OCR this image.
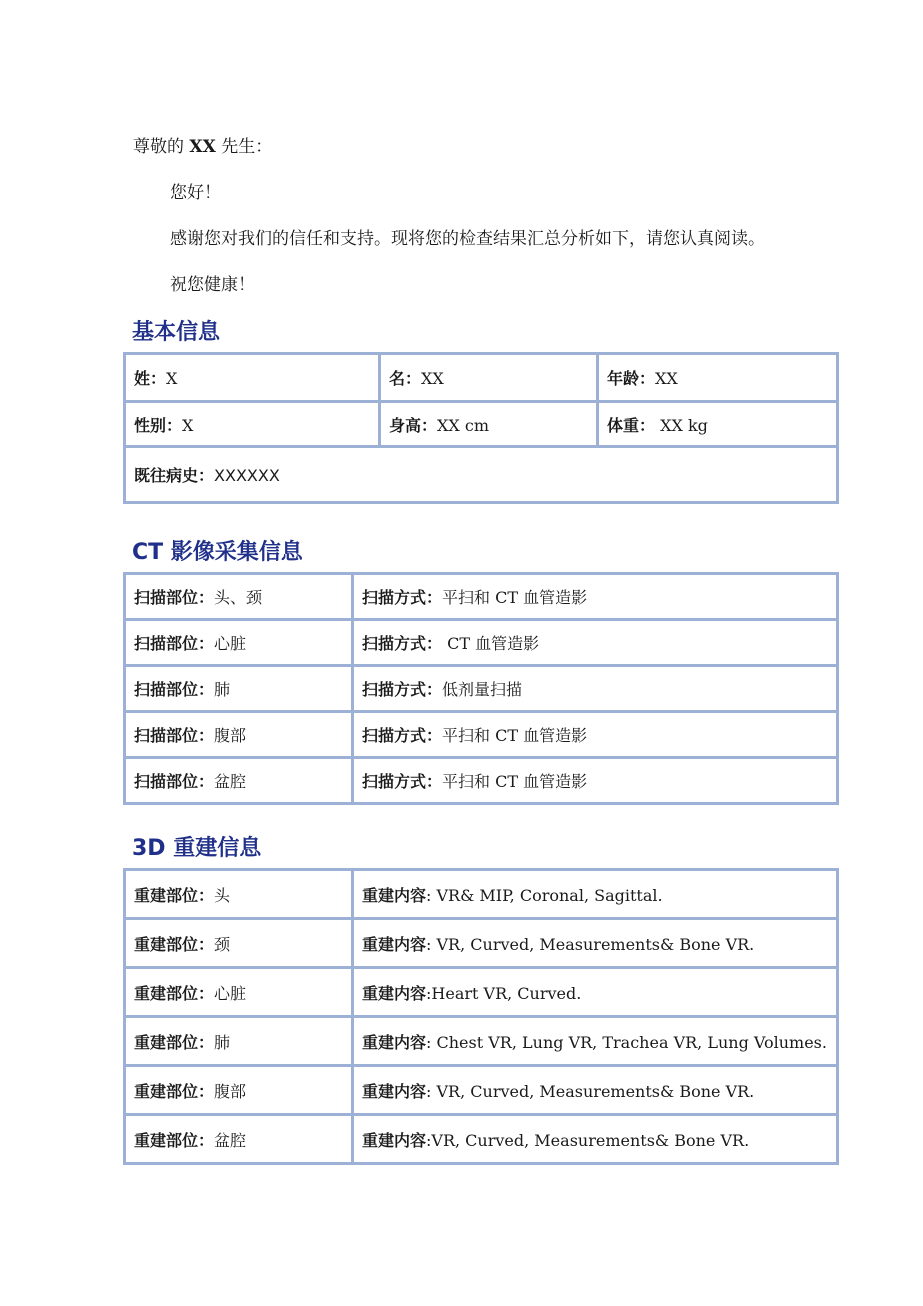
尊敬的 XX 先生：
您好！
感谢您对我们的信任和支持。现将您的检查结果汇总分析如下，请您认真阅读。
祝您健康！
基本信息
姓：X	名：XX	年龄：XX
性别：X	身高：XX cm	体重： XX kg
既往病史：XXXXXX		
CT 影像采集信息
扫描部位：头、颈	扫描方式：平扫和 CT 血管造影
扫描部位：心脏	扫描方式： CT 血管造影
扫描部位：肺	扫描方式：低剂量扫描
扫描部位：腹部	扫描方式：平扫和 CT 血管造影
扫描部位：盆腔	扫描方式：平扫和 CT 血管造影
3D 重建信息
重建部位：头	重建内容: VR& MIP, Coronal, Sagittal.
重建部位：颈	重建内容: VR, Curved, Measurements& Bone VR.
重建部位：心脏	重建内容:Heart VR, Curved.
重建部位：肺	重建内容: Chest VR, Lung VR, Trachea VR, Lung Volumes.
重建部位：腹部	重建内容: VR, Curved, Measurements& Bone VR.
重建部位：盆腔	重建内容:VR, Curved, Measurements& Bone VR.
